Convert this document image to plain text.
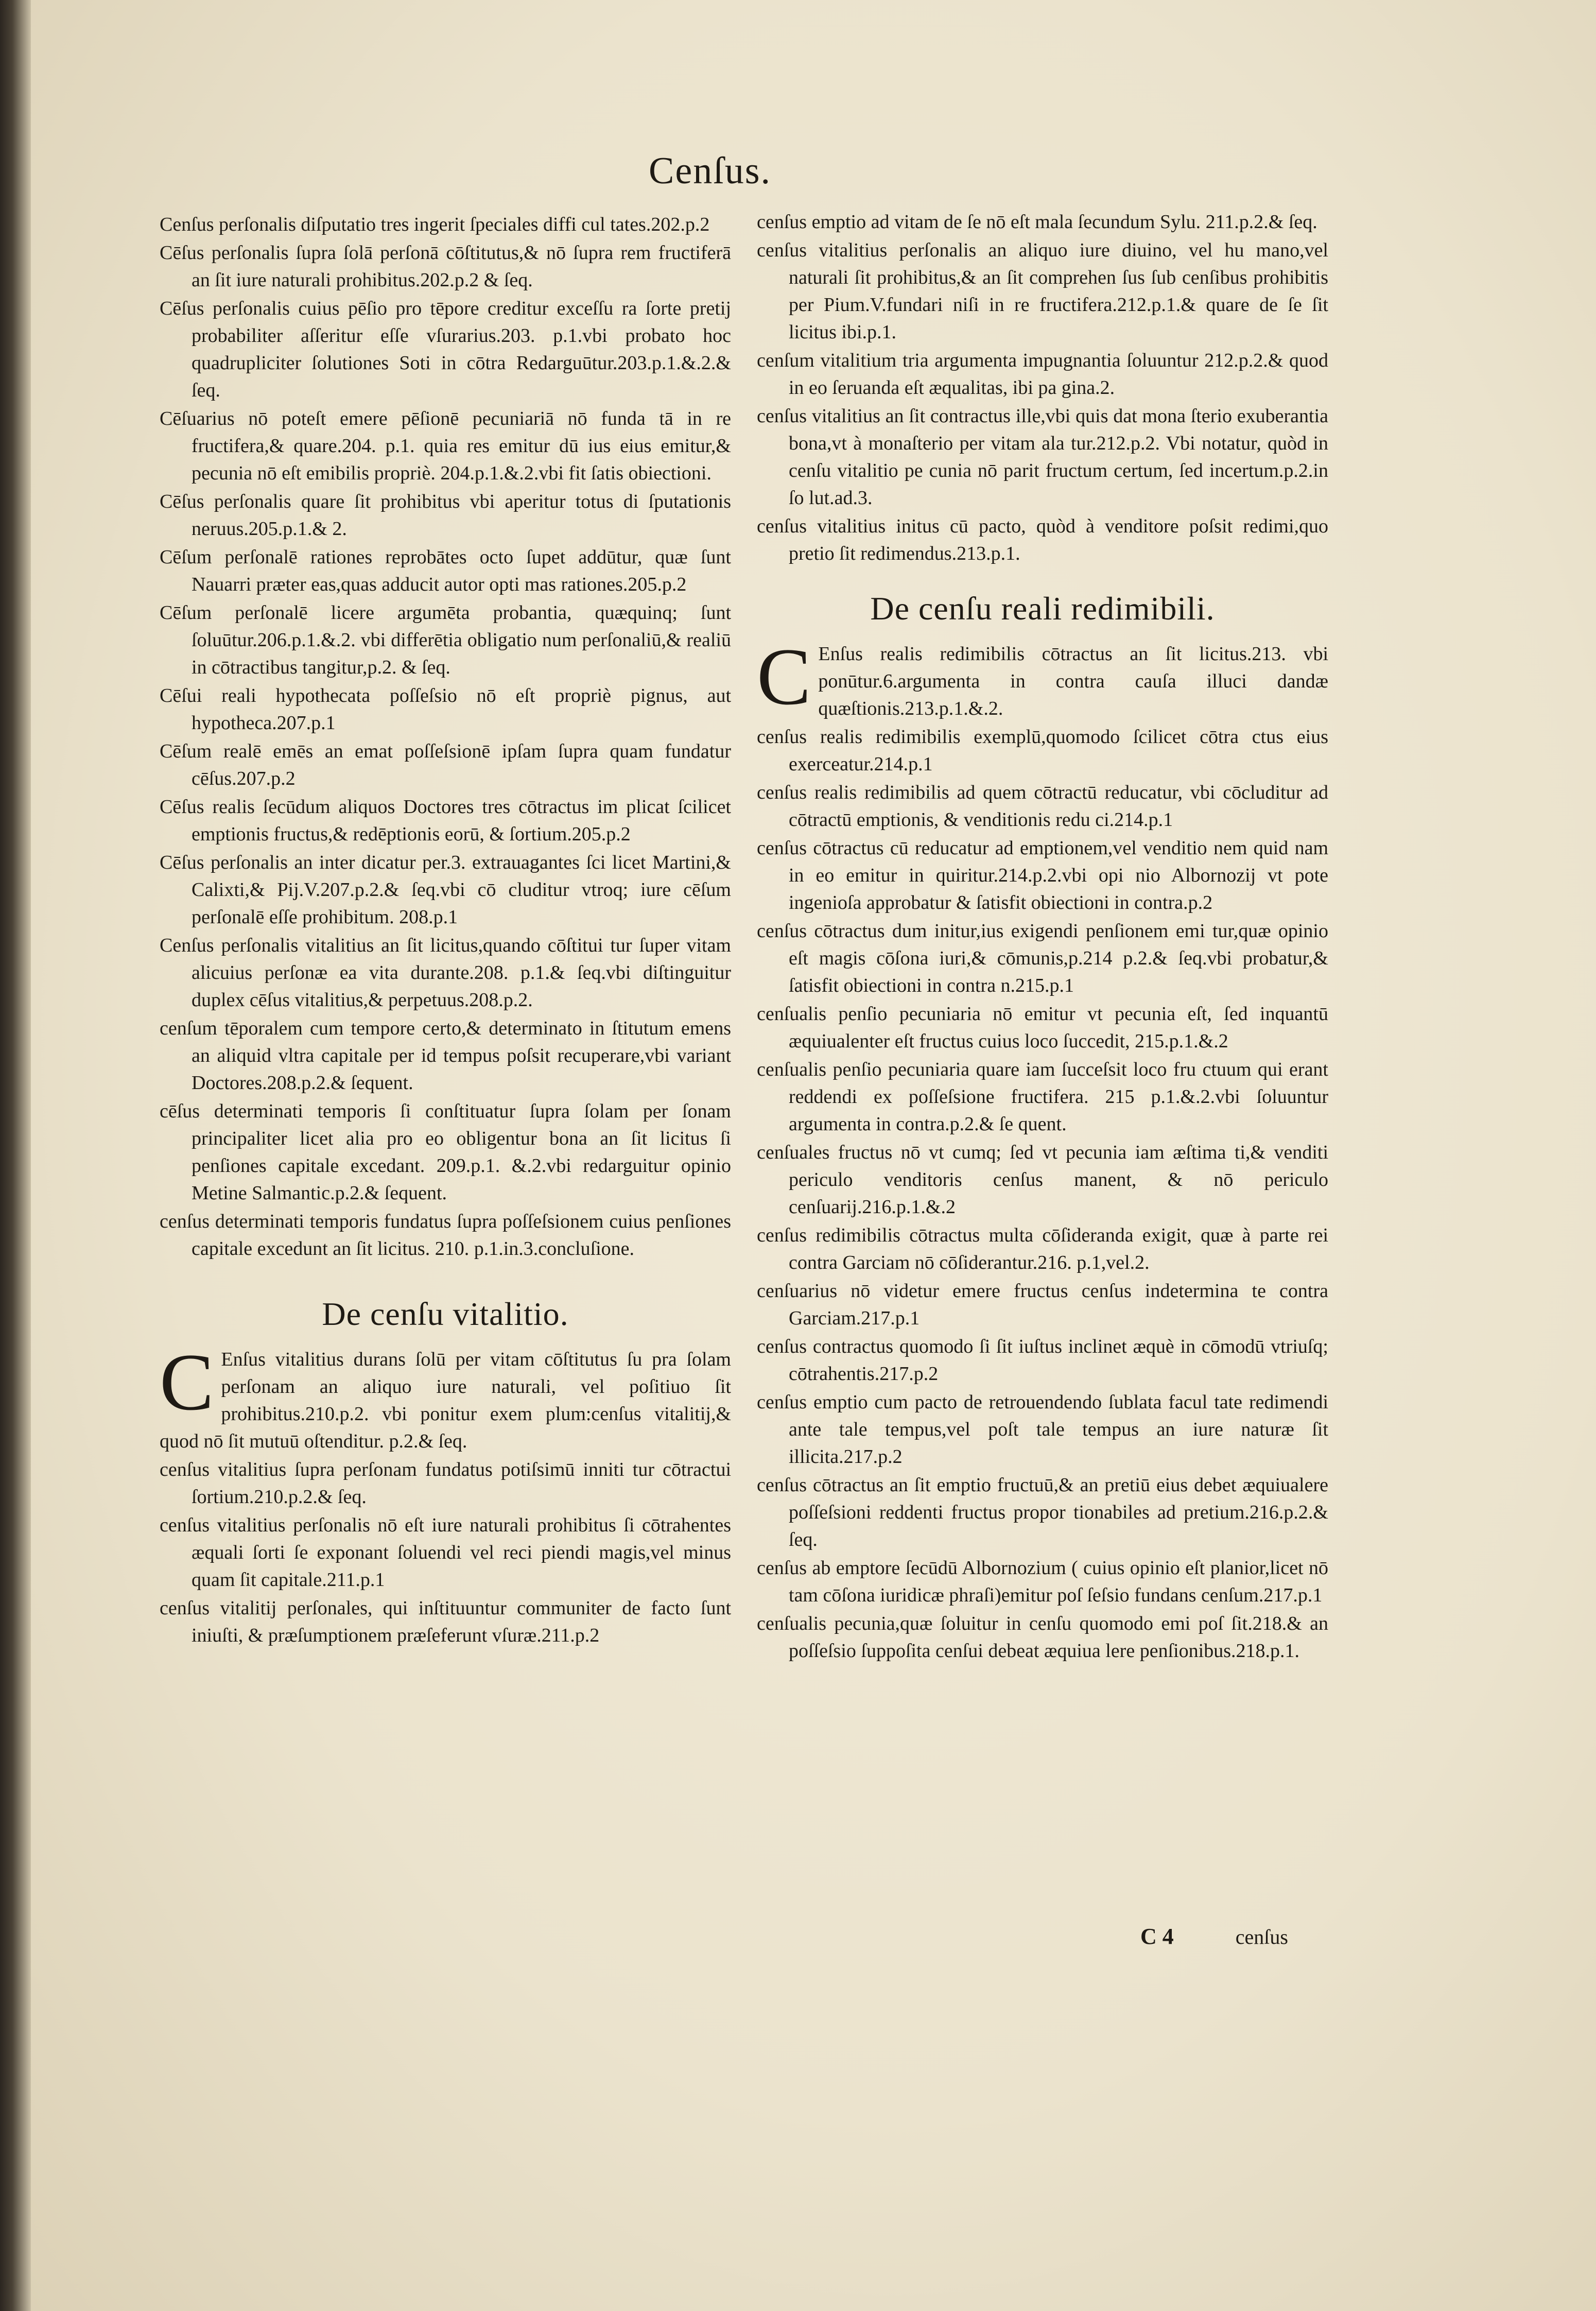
Cenſus.

Cenſus perſonalis diſputatio tres ingerit ſpeciales diffi cul tates.202.p.2

Cēſus perſonalis ſupra ſolā perſonā cōſtitutus,& nō ſupra rem fructiferā an ſit iure naturali prohibitus.202.p.2 & ſeq.

Cēſus perſonalis cuius pēſio pro tēpore creditur exceſſu ra ſorte pretij probabiliter aſſeritur eſſe vſurarius.203. p.1.vbi probato hoc quadrupliciter ſolutiones Soti in cōtra Redarguūtur.203.p.1.&.2.& ſeq.

Cēſuarius nō poteſt emere pēſionē pecuniariā nō funda tā in re fructifera,& quare.204. p.1. quia res emitur dū ius eius emitur,& pecunia nō eſt emibilis propriè. 204.p.1.&.2.vbi fit ſatis obiectioni.

Cēſus perſonalis quare ſit prohibitus vbi aperitur totus di ſputationis neruus.205.p.1.& 2.

Cēſum perſonalē rationes reprobātes octo ſupet addūtur, quæ ſunt Nauarri præter eas,quas adducit autor opti mas rationes.205.p.2

Cēſum perſonalē licere argumēta probantia, quæquinq; ſunt ſoluūtur.206.p.1.&.2. vbi differētia obligatio num perſonaliū,& realiū in cōtractibus tangitur,p.2. & ſeq.

Cēſui reali hypothecata poſſeſsio nō eſt propriè pignus, aut hypotheca.207.p.1

Cēſum realē emēs an emat poſſeſsionē ipſam ſupra quam fundatur cēſus.207.p.2

Cēſus realis ſecūdum aliquos Doctores tres cōtractus im plicat ſcilicet emptionis fructus,& redēptionis eorū, & ſortium.205.p.2

Cēſus perſonalis an inter dicatur per.3. extrauagantes ſci licet Martini,& Calixti,& Pij.V.207.p.2.& ſeq.vbi cō cluditur vtroq; iure cēſum perſonalē eſſe prohibitum. 208.p.1

Cenſus perſonalis vitalitius an ſit licitus,quando cōſtitui tur ſuper vitam alicuius perſonæ ea vita durante.208. p.1.& ſeq.vbi diſtinguitur duplex cēſus vitalitius,& perpetuus.208.p.2.

cenſum tēporalem cum tempore certo,& determinato in ſtitutum emens an aliquid vltra capitale per id tempus poſsit recuperare,vbi variant Doctores.208.p.2.& ſequent.

cēſus determinati temporis ſi conſtituatur ſupra ſolam per ſonam principaliter licet alia pro eo obligentur bona an ſit licitus ſi penſiones capitale excedant. 209.p.1. &.2.vbi redarguitur opinio Metine Salmantic.p.2.& ſequent.

cenſus determinati temporis fundatus ſupra poſſeſsionem cuius penſiones capitale excedunt an ſit licitus. 210. p.1.in.3.concluſione.

De cenſu vitalitio.

C Enſus vitalitius durans ſolū per vitam cōſtitutus ſu pra ſolam perſonam an aliquo iure naturali, vel poſitiuo ſit prohibitus.210.p.2. vbi ponitur exem plum:cenſus vitalitij,& quod nō ſit mutuū oſtenditur. p.2.& ſeq.

cenſus vitalitius ſupra perſonam fundatus potiſsimū inniti tur cōtractui ſortium.210.p.2.& ſeq.

cenſus vitalitius perſonalis nō eſt iure naturali prohibitus ſi cōtrahentes æquali ſorti ſe exponant ſoluendi vel reci piendi magis,vel minus quam ſit capitale.211.p.1

cenſus vitalitij perſonales, qui inſtituuntur communiter de facto ſunt iniuſti, & præſumptionem præſeferunt vſuræ.211.p.2

cenſus emptio ad vitam de ſe nō eſt mala ſecundum Sylu. 211.p.2.& ſeq.

cenſus vitalitius perſonalis an aliquo iure diuino, vel hu mano,vel naturali ſit prohibitus,& an ſit comprehen ſus ſub cenſibus prohibitis per Pium.V.fundari niſi in re fructifera.212.p.1.& quare de ſe ſit licitus ibi.p.1.

cenſum vitalitium tria argumenta impugnantia ſoluuntur 212.p.2.& quod in eo ſeruanda eſt æqualitas, ibi pa gina.2.

cenſus vitalitius an ſit contractus ille,vbi quis dat mona ſterio exuberantia bona,vt à monaſterio per vitam ala tur.212.p.2. Vbi notatur, quòd in cenſu vitalitio pe cunia nō parit fructum certum, ſed incertum.p.2.in ſo lut.ad.3.

cenſus vitalitius initus cū pacto, quòd à venditore poſsit redimi,quo pretio ſit redimendus.213.p.1.

De cenſu reali redimibili.

C Enſus realis redimibilis cōtractus an ſit licitus.213. vbi ponūtur.6.argumenta in contra cauſa illuci dandæ quæſtionis.213.p.1.&.2.

cenſus realis redimibilis exemplū,quomodo ſcilicet cōtra ctus eius exerceatur.214.p.1

cenſus realis redimibilis ad quem cōtractū reducatur, vbi cōcluditur ad cōtractū emptionis, & venditionis redu ci.214.p.1

cenſus cōtractus cū reducatur ad emptionem,vel venditio nem quid nam in eo emitur in quiritur.214.p.2.vbi opi nio Albornozij vt pote ingenioſa approbatur & ſatisfit obiectioni in contra.p.2

cenſus cōtractus dum initur,ius exigendi penſionem emi tur,quæ opinio eſt magis cōſona iuri,& cōmunis,p.214 p.2.& ſeq.vbi probatur,& ſatisfit obiectioni in contra n.215.p.1

cenſualis penſio pecuniaria nō emitur vt pecunia eſt, ſed inquantū æquiualenter eſt fructus cuius loco ſuccedit, 215.p.1.&.2

cenſualis penſio pecuniaria quare iam ſucceſsit loco fru ctuum qui erant reddendi ex poſſeſsione fructifera. 215 p.1.&.2.vbi ſoluuntur argumenta in contra.p.2.& ſe quent.

cenſuales fructus nō vt cumq; ſed vt pecunia iam æſtima ti,& venditi periculo venditoris cenſus manent, & nō periculo cenſuarij.216.p.1.&.2

cenſus redimibilis cōtractus multa cōſideranda exigit, quæ à parte rei contra Garciam nō cōſiderantur.216. p.1,vel.2.

cenſuarius nō videtur emere fructus cenſus indetermina te contra Garciam.217.p.1

cenſus contractus quomodo ſi ſit iuſtus inclinet æquè in cōmodū vtriuſq; cōtrahentis.217.p.2

cenſus emptio cum pacto de retrouendendo ſublata facul tate redimendi ante tale tempus,vel poſt tale tempus an iure naturæ ſit illicita.217.p.2

cenſus cōtractus an ſit emptio fructuū,& an pretiū eius debet æquiualere poſſeſsioni reddenti fructus propor tionabiles ad pretium.216.p.2.& ſeq.

cenſus ab emptore ſecūdū Albornozium ( cuius opinio eſt planior,licet nō tam cōſona iuridicæ phraſi)emitur poſ ſeſsio fundans cenſum.217.p.1

cenſualis pecunia,quæ ſoluitur in cenſu quomodo emi poſ ſit.218.& an poſſeſsio ſuppoſita cenſui debeat æquiua lere penſionibus.218.p.1.

C 4	cenſus
